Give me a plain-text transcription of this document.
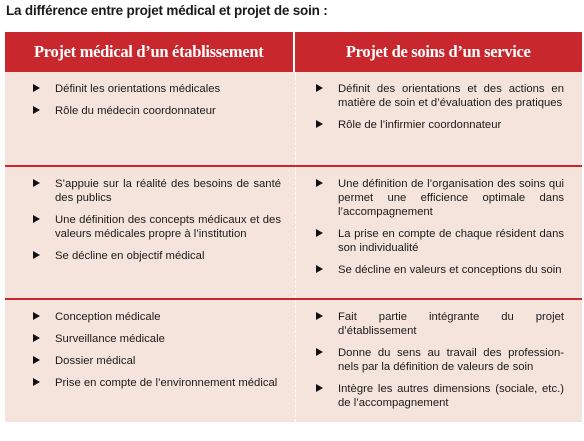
La différence entre projet médical et projet de soin :
Projet médical d’un établissement	Projet de soins d’un service
Définit les orientations médicales
Rôle du médecin coordonnateur
Définit des orientations et des actions en matière de soin et d’évaluation des pratiques
Rôle de l’infirmier coordonnateur
S’appuie sur la réalité des besoins de santé des publics
Une définition des concepts médicaux et des valeurs médicales propre à l’institution
Se décline en objectif médical
Une définition de l’organisation des soins qui permet une efficience optimale dans l’accompagnement
La prise en compte de chaque résident dans son individualité
Se décline en valeurs et conceptions du soin
Conception médicale
Surveillance médicale
Dossier médical
Prise en compte de l’environnement médical
Fait partie intégrante du projet d’établissement
Donne du sens au travail des profession-nels par la définition de valeurs de soin
Intègre les autres dimensions (sociale, etc.) de l’accompagnement
